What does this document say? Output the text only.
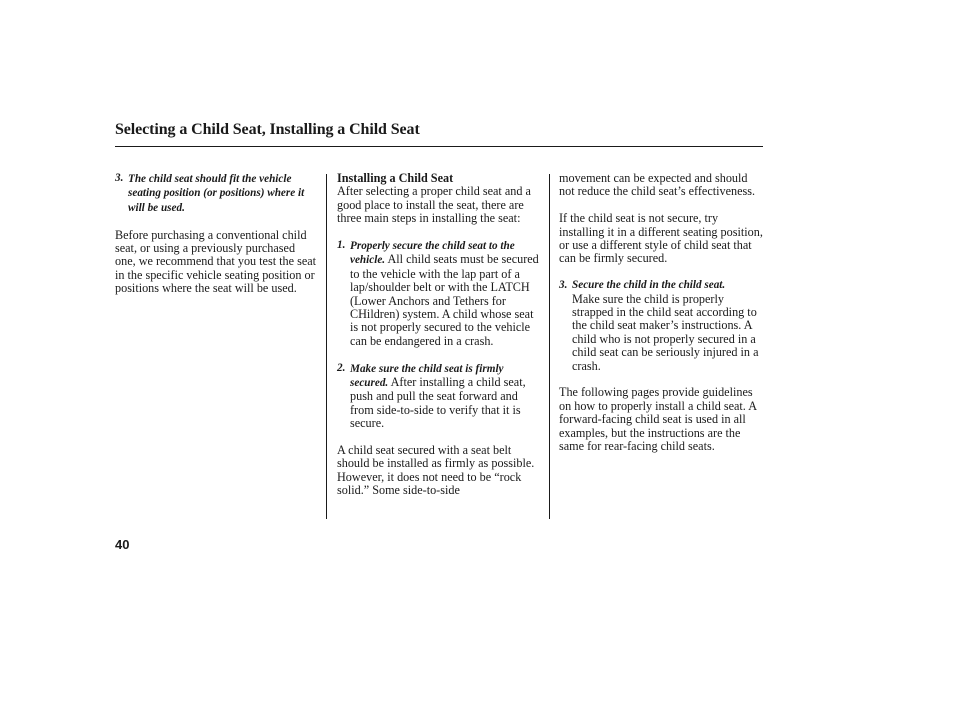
Selecting a Child Seat, Installing a Child Seat
3. The child seat should fit the vehicle seating position (or positions) where it will be used.

Before purchasing a conventional child seat, or using a previously purchased one, we recommend that you test the seat in the specific vehicle seating position or positions where the seat will be used.

Installing a Child Seat

After selecting a proper child seat and a good place to install the seat, there are three main steps in installing the seat:

1. Properly secure the child seat to the vehicle. All child seats must be secured to the vehicle with the lap part of a lap/shoulder belt or with the LATCH (Lower Anchors and Tethers for CHildren) system. A child whose seat is not properly secured to the vehicle can be endangered in a crash.
2. Make sure the child seat is firmly secured. After installing a child seat, push and pull the seat forward and from side-to-side to verify that it is secure.

A child seat secured with a seat belt should be installed as firmly as possible. However, it does not need to be “rock solid.” Some side-to-side

movement can be expected and should not reduce the child seat’s effectiveness.

If the child seat is not secure, try installing it in a different seating position, or use a different style of child seat that can be firmly secured.

3. Secure the child in the child seat.
Make sure the child is properly strapped in the child seat according to the child seat maker’s instructions. A child who is not properly secured in a child seat can be seriously injured in a crash.

The following pages provide guidelines on how to properly install a child seat. A forward-facing child seat is used in all examples, but the instructions are the same for rear-facing child seats.

40
